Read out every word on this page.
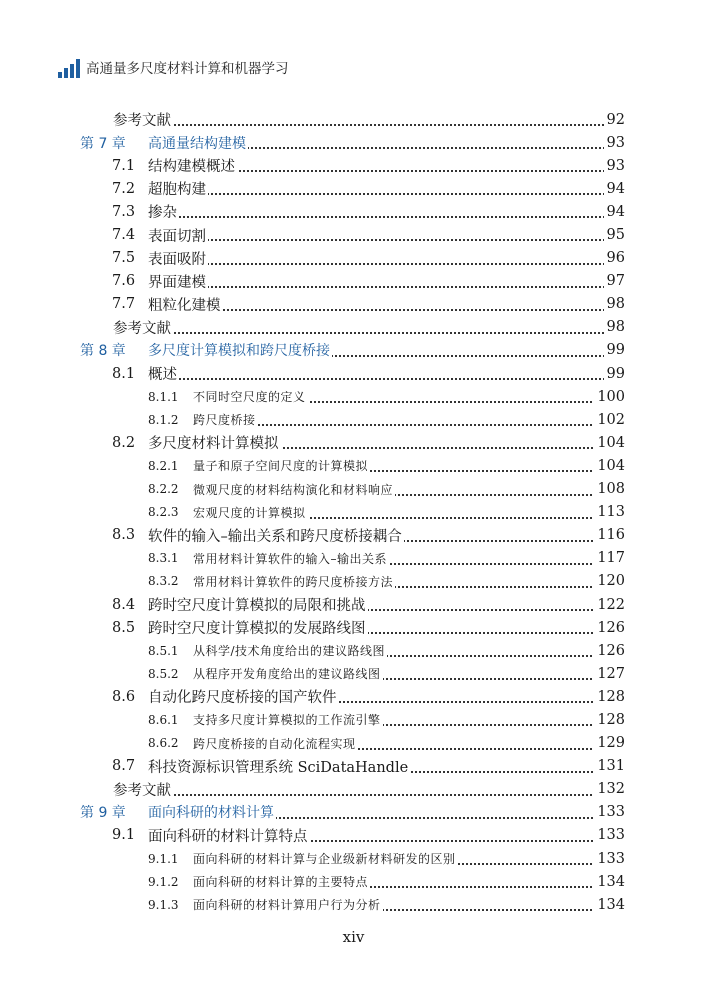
高通量多尺度材料计算和机器学习
参考文献	92
第 7 章 高通量结构建模	93
7.1 结构建模概述	93
7.2 超胞构建	94
7.3 掺杂	94
7.4 表面切割	95
7.5 表面吸附	96
7.6 界面建模	97
7.7 粗粒化建模	98
参考文献	98
第 8 章 多尺度计算模拟和跨尺度桥接	99
8.1 概述	99
8.1.1 不同时空尺度的定义	100
8.1.2 跨尺度桥接	102
8.2 多尺度材料计算模拟	104
8.2.1 量子和原子空间尺度的计算模拟	104
8.2.2 微观尺度的材料结构演化和材料响应	108
8.2.3 宏观尺度的计算模拟	113
8.3 软件的输入–输出关系和跨尺度桥接耦合	116
8.3.1 常用材料计算软件的输入–输出关系	117
8.3.2 常用材料计算软件的跨尺度桥接方法	120
8.4 跨时空尺度计算模拟的局限和挑战	122
8.5 跨时空尺度计算模拟的发展路线图	126
8.5.1 从科学/技术角度给出的建议路线图	126
8.5.2 从程序开发角度给出的建议路线图	127
8.6 自动化跨尺度桥接的国产软件	128
8.6.1 支持多尺度计算模拟的工作流引擎	128
8.6.2 跨尺度桥接的自动化流程实现	129
8.7 科技资源标识管理系统 SciDataHandle	131
参考文献	132
第 9 章 面向科研的材料计算	133
9.1 面向科研的材料计算特点	133
9.1.1 面向科研的材料计算与企业级新材料研发的区别	133
9.1.2 面向科研的材料计算的主要特点	134
9.1.3 面向科研的材料计算用户行为分析	134
xiv
